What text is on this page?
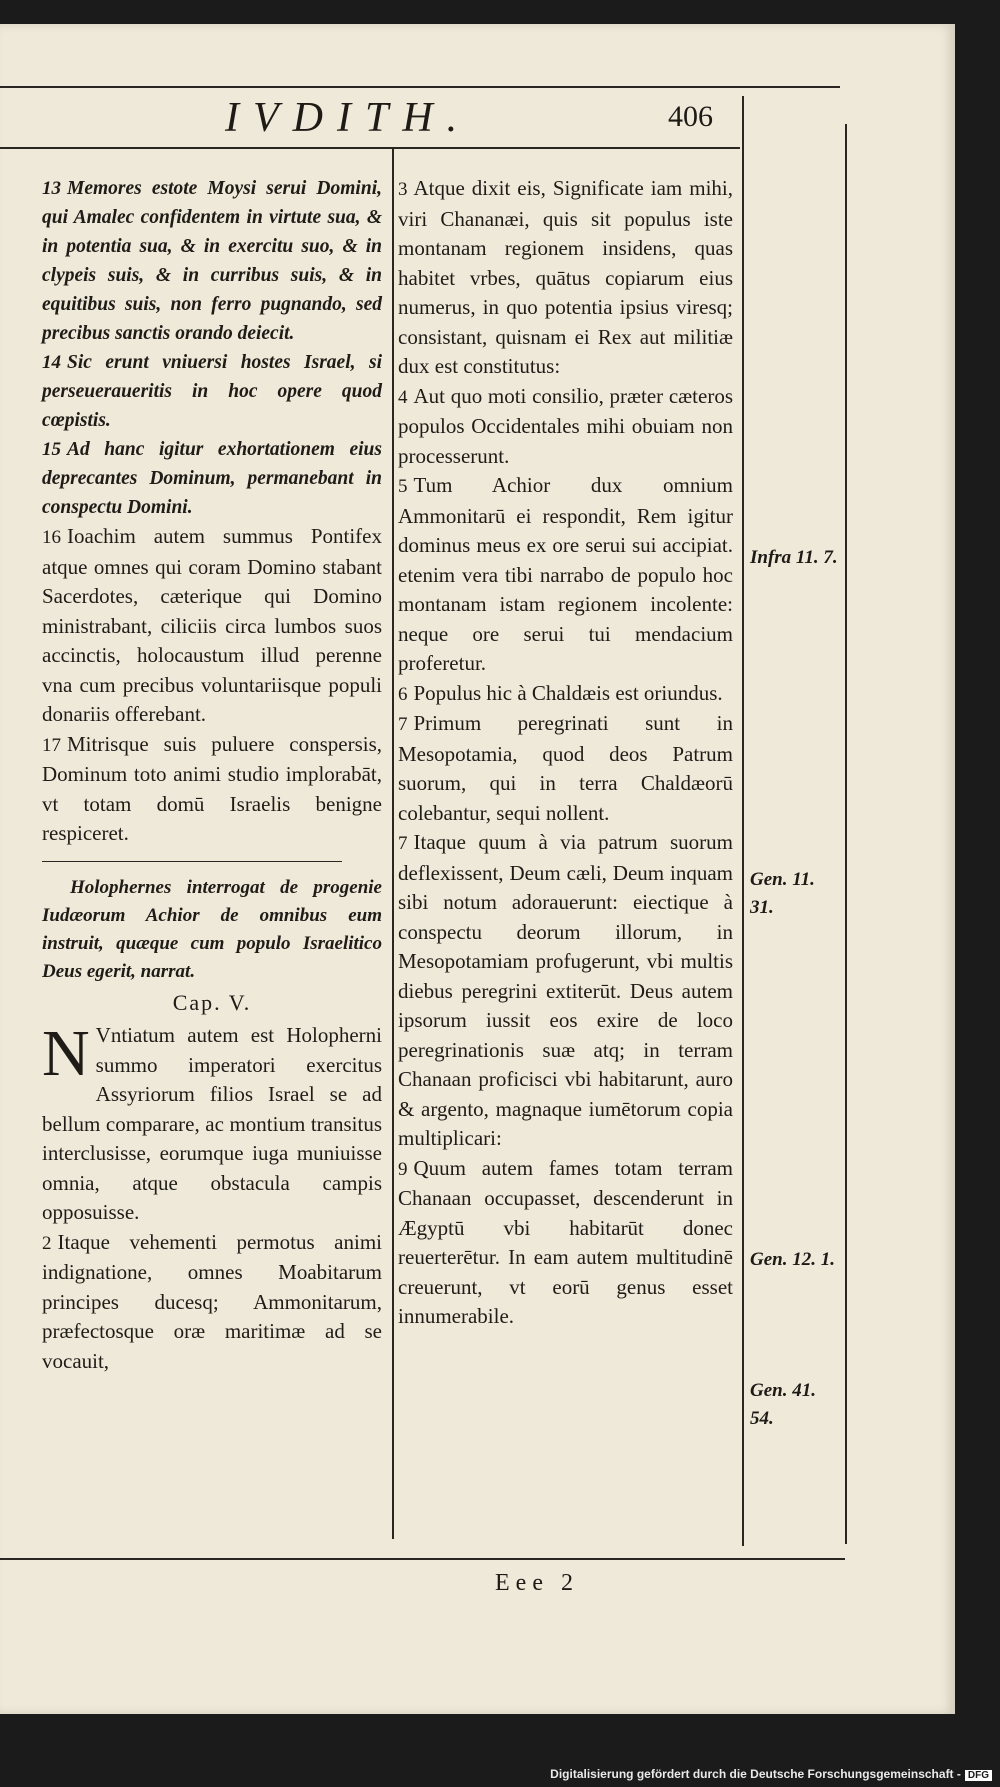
IVDITH.	406

13 Memores estote Moysi serui Domini, qui Amalec confidentem in virtute sua, & in potentia sua, & in exercitu suo, & in clypeis suis, & in curribus suis, & in equitibus suis, non ferro pugnando, sed precibus sanctis orando deiecit.

14 Sic erunt vniuersi hostes Israel, si perseueraueritis in hoc opere quod cœpistis.

15 Ad hanc igitur exhortationem eius deprecantes Dominum, permanebant in conspectu Domini.

16 Ioachim autem summus Pontifex atque omnes qui coram Domino stabant Sacerdotes, cæterique qui Domino ministrabant, ciliciis circa lumbos suos accinctis, holocaustum illud perenne vna cum precibus voluntariisque populi donariis offerebant.

17 Mitrisque suis puluere conspersis, Dominum toto animi studio implorabāt, vt totam domū Israelis benigne respiceret.

Holophernes interrogat de progenie Iudæorum Achior de omnibus eum instruit, quæque cum populo Israelitico Deus egerit, narrat.

Cap. V.

N Vntiatum autem est Holopherni summo imperatori exercitus Assyriorum filios Israel se ad bellum comparare, ac montium transitus interclusisse, eorumque iuga muniuisse omnia, atque obstacula campis opposuisse.

2 Itaque vehementi permotus animi indignatione, omnes Moabitarum principes ducesq; Ammonitarum, præfectosque oræ maritimæ ad se vocauit,

3 Atque dixit eis, Significate iam mihi, viri Chananæi, quis sit populus iste montanam regionem insidens, quas habitet vrbes, quātus copiarum eius numerus, in quo potentia ipsius viresq; consistant, quisnam ei Rex aut militiæ dux est constitutus:

4 Aut quo moti consilio, præter cæteros populos Occidentales mihi obuiam non processerunt.

5 Tum Achior dux omnium Ammonitarū ei respondit, Rem igitur dominus meus ex ore serui sui accipiat. etenim vera tibi narrabo de populo hoc montanam istam regionem incolente: neque ore serui tui mendacium proferetur.

6 Populus hic à Chaldæis est oriundus.

7 Primum peregrinati sunt in Mesopotamia, quod deos Patrum suorum, qui in terra Chaldæorū colebantur, sequi nollent.

7 Itaque quum à via patrum suorum deflexissent, Deum cæli, Deum inquam sibi notum adorauerunt: eiectique à conspectu deorum illorum, in Mesopotamiam profugerunt, vbi multis diebus peregrini extiterūt. Deus autem ipsorum iussit eos exire de loco peregrinationis suæ atq; in terram Chanaan proficisci vbi habitarunt, auro & argento, magnaque iumētorum copia multiplicari:

9 Quum autem fames totam terram Chanaan occupasset, descenderunt in Ægyptū vbi habitarūt donec reuerterētur. In eam autem multitudinē creuerunt, vt eorū genus esset innumerabile.

Infra 11. 7.
Gen. 11. 31.
Gen. 12. 1.
Gen. 41. 54.
Eee 2
Digitalisierung gefördert durch die Deutsche Forschungsgemeinschaft - DFG
